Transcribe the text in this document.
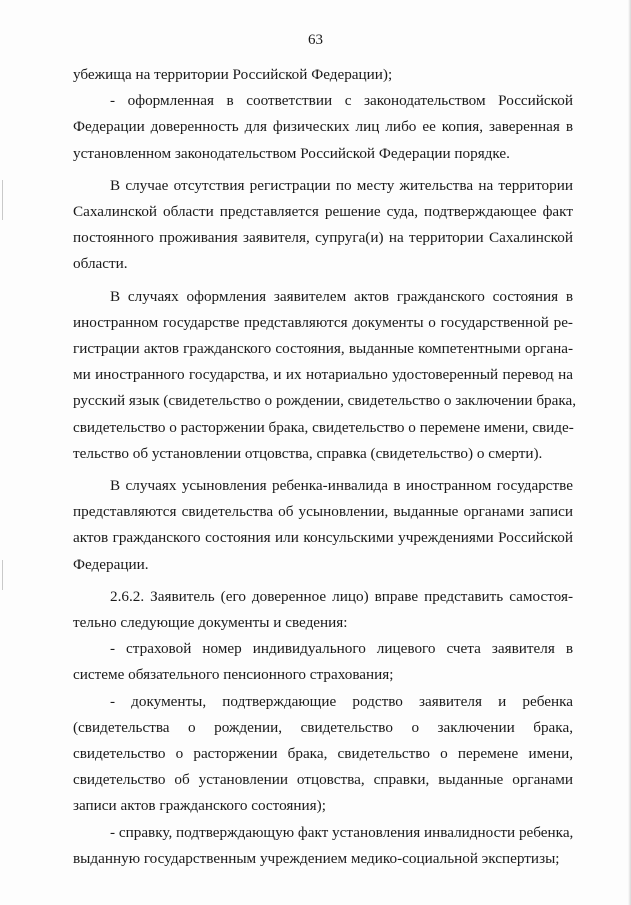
63
убежища на территории Российской Федерации);
- оформленная в соответствии с законодательством Российской
Федерации доверенность для физических лиц либо ее копия, заверенная в
установленном законодательством Российской Федерации порядке.
В случае отсутствия регистрации по месту жительства на территории
Сахалинской области представляется решение суда, подтверждающее факт
постоянного проживания заявителя, супруга(и) на территории Сахалинской
области.
В случаях оформления заявителем актов гражданского состояния в
иностранном государстве представляются документы о государственной ре-
гистрации актов гражданского состояния, выданные компетентными органа-
ми иностранного государства, и их нотариально удостоверенный перевод на
русский язык (свидетельство о рождении, свидетельство о заключении брака,
свидетельство о расторжении брака, свидетельство о перемене имени, свиде-
тельство об установлении отцовства, справка (свидетельство) о смерти).
В случаях усыновления ребенка-инвалида в иностранном государстве
представляются свидетельства об усыновлении, выданные органами записи
актов гражданского состояния или консульскими учреждениями Российской
Федерации.
2.6.2. Заявитель (его доверенное лицо) вправе представить самостоя-
тельно следующие документы и сведения:
- страховой номер индивидуального лицевого счета заявителя в
системе обязательного пенсионного страхования;
- документы, подтверждающие родство заявителя и ребенка
(свидетельства о рождении, свидетельство о заключении брака,
свидетельство о расторжении брака, свидетельство о перемене имени,
свидетельство об установлении отцовства, справки, выданные органами
записи актов гражданского состояния);
- справку, подтверждающую факт установления инвалидности ребенка,
выданную государственным учреждением медико-социальной экспертизы;
